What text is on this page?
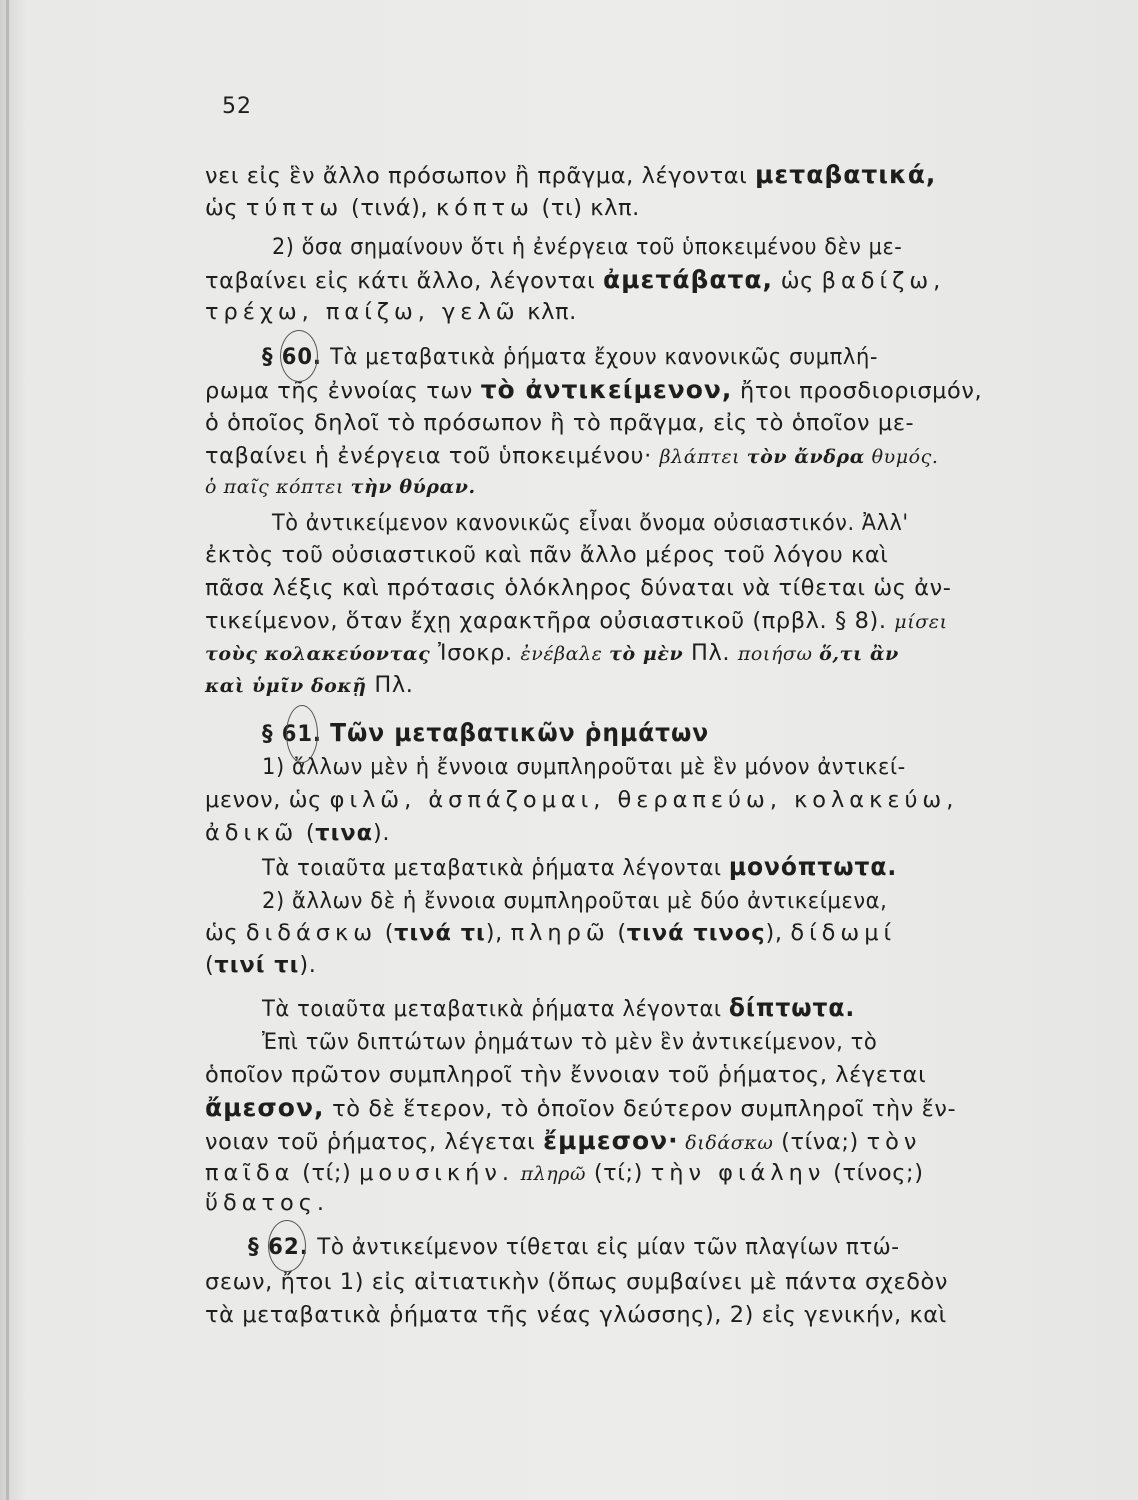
52
νει εἰς ἓν ἄλλο πρόσωπον ἢ πρᾶγμα, λέγονται μεταβατικά,
ὡς τύπτω (τινά), κόπτω (τι) κλπ.
2) ὅσα σημαίνουν ὅτι ἡ ἐνέργεια τοῦ ὑποκειμένου δὲν με-
ταβαίνει εἰς κάτι ἄλλο, λέγονται ἀμετάβατα, ὡς βαδίζω,
τρέχω, παίζω, γελῶ κλπ.
§ 60. Τὰ μεταβατικὰ ῥήματα ἔχουν κανονικῶς συμπλή-
ρωμα τῆς ἐννοίας των τὸ ἀντικείμενον, ἤτοι προσδιορισμόν,
ὁ ὁποῖος δηλοῖ τὸ πρόσωπον ἢ τὸ πρᾶγμα, εἰς τὸ ὁποῖον με-
ταβαίνει ἡ ἐνέργεια τοῦ ὑποκειμένου· βλάπτει τὸν ἄνδρα θυμός.
ὁ παῖς κόπτει τὴν θύραν.
Τὸ ἀντικείμενον κανονικῶς εἶναι ὄνομα οὐσιαστικόν. Ἀλλ'
ἐκτὸς τοῦ οὐσιαστικοῦ καὶ πᾶν ἄλλο μέρος τοῦ λόγου καὶ
πᾶσα λέξις καὶ πρότασις ὁλόκληρος δύναται νὰ τίθεται ὡς ἀν-
τικείμενον, ὅταν ἔχῃ χαρακτῆρα οὐσιαστικοῦ (πρβλ. § 8). μίσει
τοὺς κολακεύοντας Ἰσοκρ. ἐνέβαλε τὸ μὲν Πλ. ποιήσω ὅ,τι ἂν
καὶ ὑμῖν δοκῇ Πλ.
§ 61. Τῶν μεταβατικῶν ῥημάτων
1) ἄλλων μὲν ἡ ἔννοια συμπληροῦται μὲ ἓν μόνον ἀντικεί-
μενον, ὡς φιλῶ, ἀσπάζομαι, θεραπεύω, κολακεύω,
ἀδικῶ (τινα).
Τὰ τοιαῦτα μεταβατικὰ ῥήματα λέγονται μονόπτωτα.
2) ἄλλων δὲ ἡ ἔννοια συμπληροῦται μὲ δύο ἀντικείμενα,
ὡς διδάσκω (τινά τι), πληρῶ (τινά τινος), δίδωμί
(τινί τι).
Τὰ τοιαῦτα μεταβατικὰ ῥήματα λέγονται δίπτωτα.
Ἐπὶ τῶν διπτώτων ῥημάτων τὸ μὲν ἓν ἀντικείμενον, τὸ
ὁποῖον πρῶτον συμπληροῖ τὴν ἔννοιαν τοῦ ῥήματος, λέγεται
ἄμεσον, τὸ δὲ ἕτερον, τὸ ὁποῖον δεύτερον συμπληροῖ τὴν ἔν-
νοιαν τοῦ ῥήματος, λέγεται ἔμμεσον· διδάσκω (τίνα;) τὸν
παῖδα (τί;) μουσικήν. πληρῶ (τί;) τὴν φιάλην (τίνος;)
ὕδατος.
§ 62. Τὸ ἀντικείμενον τίθεται εἰς μίαν τῶν πλαγίων πτώ-
σεων, ἤτοι 1) εἰς αἰτιατικὴν (ὅπως συμβαίνει μὲ πάντα σχεδὸν
τὰ μεταβατικὰ ῥήματα τῆς νέας γλώσσης), 2) εἰς γενικήν, καὶ
